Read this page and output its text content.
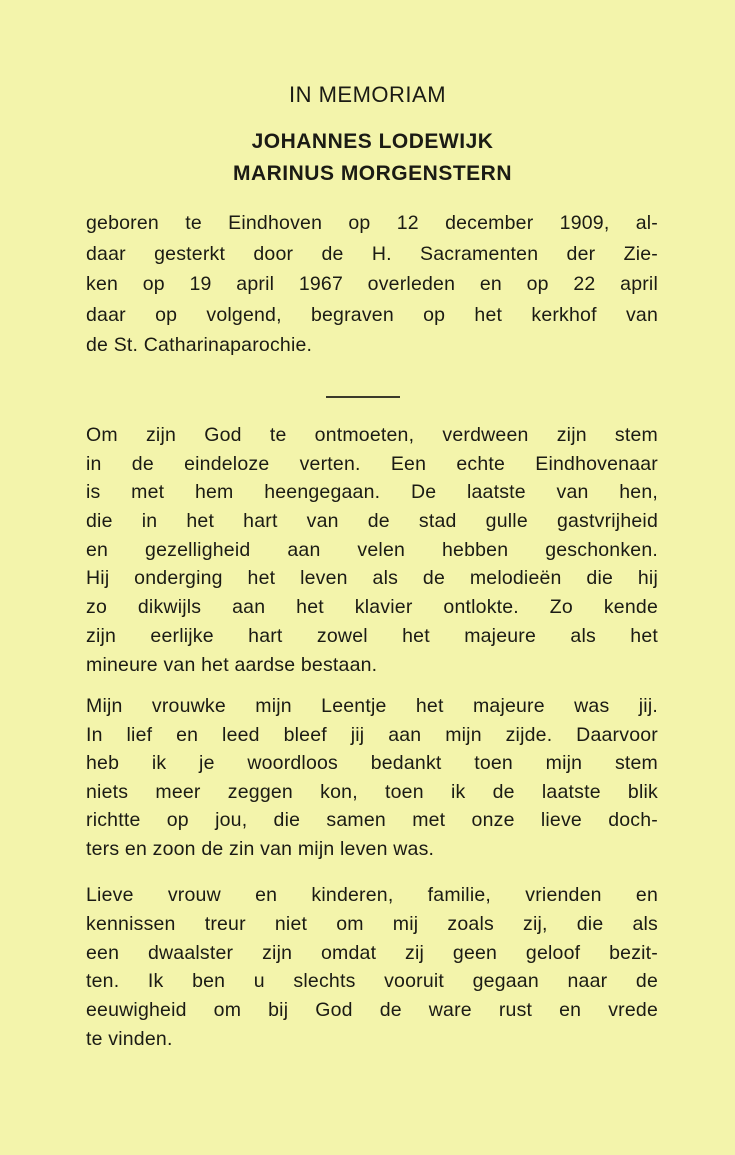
IN MEMORIAM
JOHANNES LODEWIJK
MARINUS MORGENSTERN
geboren te Eindhoven op 12 december 1909, al-
daar gesterkt door de H. Sacramenten der Zie-
ken op 19 april 1967 overleden en op 22 april
daar op volgend, begraven op het kerkhof van
de St. Catharinaparochie.
Om zijn God te ontmoeten, verdween zijn stem
in de eindeloze verten. Een echte Eindhovenaar
is met hem heengegaan. De laatste van hen,
die in het hart van de stad gulle gastvrijheid
en gezelligheid aan velen hebben geschonken.
Hij onderging het leven als de melodieën die hij
zo dikwijls aan het klavier ontlokte. Zo kende
zijn eerlijke hart zowel het majeure als het
mineure van het aardse bestaan.
Mijn vrouwke mijn Leentje het majeure was jij.
In lief en leed bleef jij aan mijn zijde. Daarvoor
heb ik je woordloos bedankt toen mijn stem
niets meer zeggen kon, toen ik de laatste blik
richtte op jou, die samen met onze lieve doch-
ters en zoon de zin van mijn leven was.
Lieve vrouw en kinderen, familie, vrienden en
kennissen treur niet om mij zoals zij, die als
een dwaalster zijn omdat zij geen geloof bezit-
ten. Ik ben u slechts vooruit gegaan naar de
eeuwigheid om bij God de ware rust en vrede
te vinden.
